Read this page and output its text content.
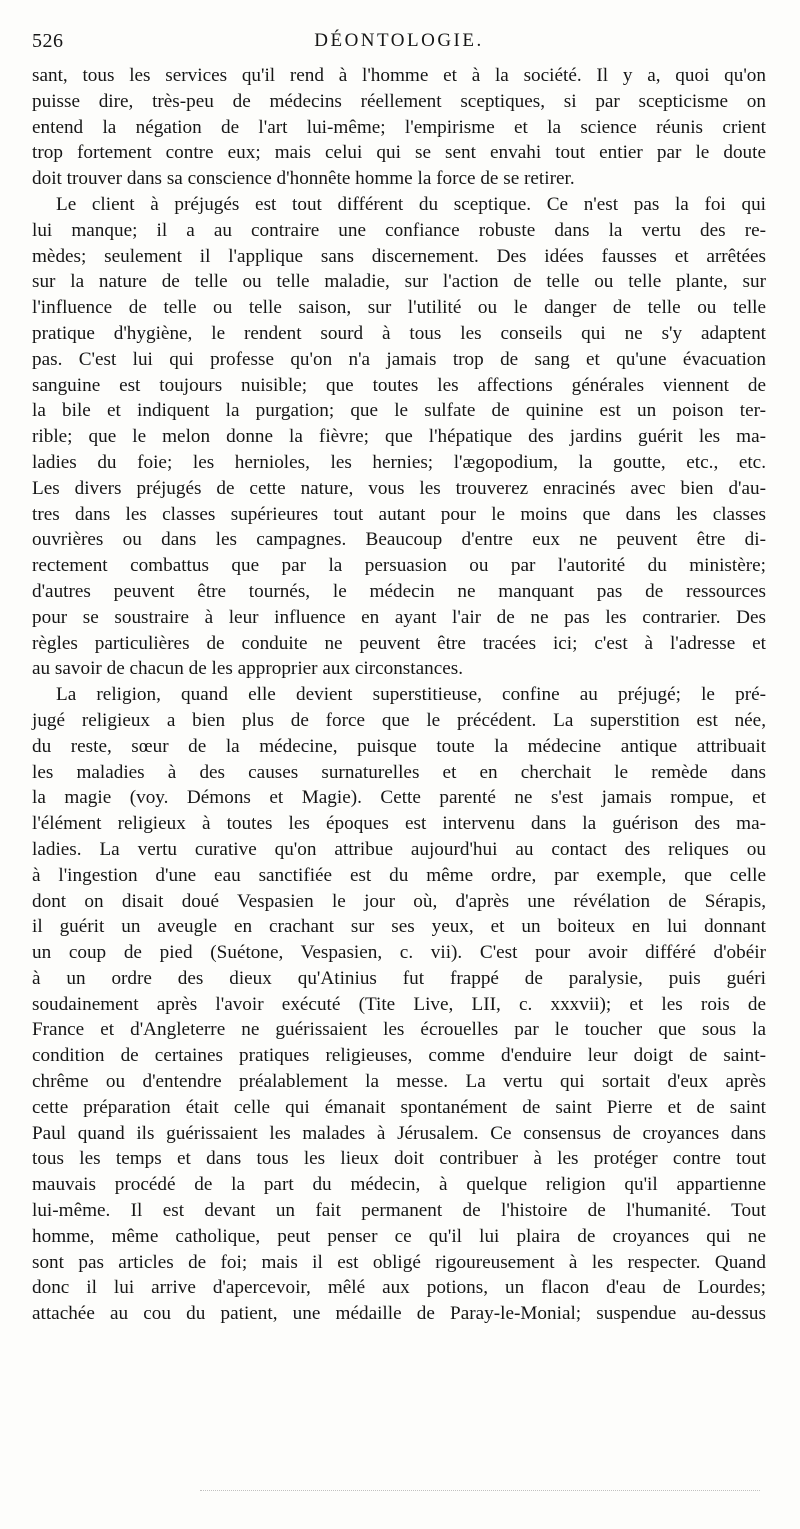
526	DÉONTOLOGIE.
sant, tous les services qu'il rend à l'homme et à la société. Il y a, quoi qu'on
puisse dire, très-peu de médecins réellement sceptiques, si par scepticisme on
entend la négation de l'art lui-même; l'empirisme et la science réunis crient
trop fortement contre eux; mais celui qui se sent envahi tout entier par le doute
doit trouver dans sa conscience d'honnête homme la force de se retirer.
Le client à préjugés est tout différent du sceptique. Ce n'est pas la foi qui
lui manque; il a au contraire une confiance robuste dans la vertu des re-
mèdes; seulement il l'applique sans discernement. Des idées fausses et arrêtées
sur la nature de telle ou telle maladie, sur l'action de telle ou telle plante, sur
l'influence de telle ou telle saison, sur l'utilité ou le danger de telle ou telle
pratique d'hygiène, le rendent sourd à tous les conseils qui ne s'y adaptent
pas. C'est lui qui professe qu'on n'a jamais trop de sang et qu'une évacuation
sanguine est toujours nuisible; que toutes les affections générales viennent de
la bile et indiquent la purgation; que le sulfate de quinine est un poison ter-
rible; que le melon donne la fièvre; que l'hépatique des jardins guérit les ma-
ladies du foie; les hernioles, les hernies; l'ægopodium, la goutte, etc., etc.
Les divers préjugés de cette nature, vous les trouverez enracinés avec bien d'au-
tres dans les classes supérieures tout autant pour le moins que dans les classes
ouvrières ou dans les campagnes. Beaucoup d'entre eux ne peuvent être di-
rectement combattus que par la persuasion ou par l'autorité du ministère;
d'autres peuvent être tournés, le médecin ne manquant pas de ressources
pour se soustraire à leur influence en ayant l'air de ne pas les contrarier. Des
règles particulières de conduite ne peuvent être tracées ici; c'est à l'adresse et
au savoir de chacun de les approprier aux circonstances.
La religion, quand elle devient superstitieuse, confine au préjugé; le pré-
jugé religieux a bien plus de force que le précédent. La superstition est née,
du reste, sœur de la médecine, puisque toute la médecine antique attribuait
les maladies à des causes surnaturelles et en cherchait le remède dans
la magie (voy. Démons et Magie). Cette parenté ne s'est jamais rompue, et
l'élément religieux à toutes les époques est intervenu dans la guérison des ma-
ladies. La vertu curative qu'on attribue aujourd'hui au contact des reliques ou
à l'ingestion d'une eau sanctifiée est du même ordre, par exemple, que celle
dont on disait doué Vespasien le jour où, d'après une révélation de Sérapis,
il guérit un aveugle en crachant sur ses yeux, et un boiteux en lui donnant
un coup de pied (Suétone, Vespasien, c. vii). C'est pour avoir différé d'obéir
à un ordre des dieux qu'Atinius fut frappé de paralysie, puis guéri
soudainement après l'avoir exécuté (Tite Live, LII, c. xxxvii); et les rois de
France et d'Angleterre ne guérissaient les écrouelles par le toucher que sous la
condition de certaines pratiques religieuses, comme d'enduire leur doigt de saint-
chrême ou d'entendre préalablement la messe. La vertu qui sortait d'eux après
cette préparation était celle qui émanait spontanément de saint Pierre et de saint
Paul quand ils guérissaient les malades à Jérusalem. Ce consensus de croyances dans
tous les temps et dans tous les lieux doit contribuer à les protéger contre tout
mauvais procédé de la part du médecin, à quelque religion qu'il appartienne
lui-même. Il est devant un fait permanent de l'histoire de l'humanité. Tout
homme, même catholique, peut penser ce qu'il lui plaira de croyances qui ne
sont pas articles de foi; mais il est obligé rigoureusement à les respecter. Quand
donc il lui arrive d'apercevoir, mêlé aux potions, un flacon d'eau de Lourdes;
attachée au cou du patient, une médaille de Paray-le-Monial; suspendue au-dessus
